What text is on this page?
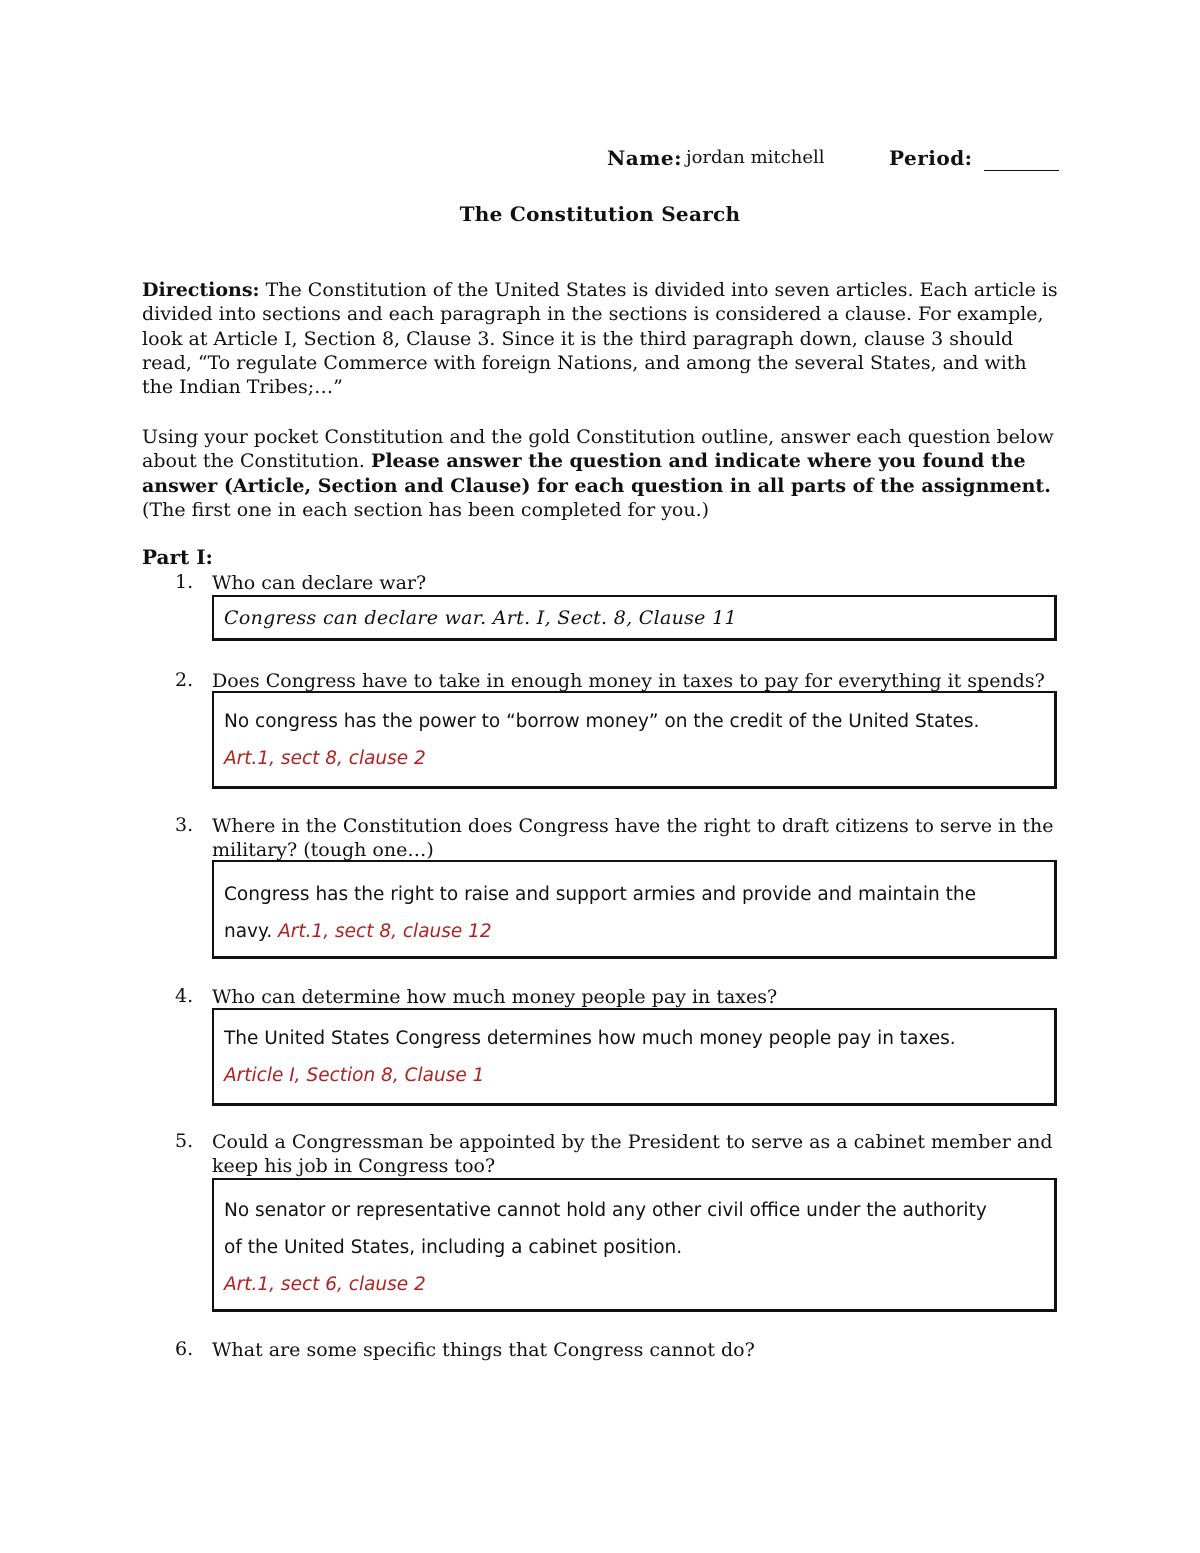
Name: jordan mitchell	Period:
The Constitution Search
Directions: The Constitution of the United States is divided into seven articles. Each article is divided into sections and each paragraph in the sections is considered a clause. For example, look at Article I, Section 8, Clause 3. Since it is the third paragraph down, clause 3 should read, “To regulate Commerce with foreign Nations, and among the several States, and with the Indian Tribes;…”
Using your pocket Constitution and the gold Constitution outline, answer each question below about the Constitution. Please answer the question and indicate where you found the answer (Article, Section and Clause) for each question in all parts of the assignment. (The first one in each section has been completed for you.)
Part I:
1. Who can declare war?
Congress can declare war. Art. I, Sect. 8, Clause 11
2. Does Congress have to take in enough money in taxes to pay for everything it spends?
No congress has the power to “borrow money” on the credit of the United States.
Art.1, sect 8, clause 2
3. Where in the Constitution does Congress have the right to draft citizens to serve in the military? (tough one…)
Congress has the right to raise and support armies and provide and maintain the
navy. Art.1, sect 8, clause 12
4. Who can determine how much money people pay in taxes?
The United States Congress determines how much money people pay in taxes.
Article I, Section 8, Clause 1
5. Could a Congressman be appointed by the President to serve as a cabinet member and keep his job in Congress too?
No senator or representative cannot hold any other civil office under the authority
of the United States, including a cabinet position.
Art.1, sect 6, clause 2
6. What are some specific things that Congress cannot do?
